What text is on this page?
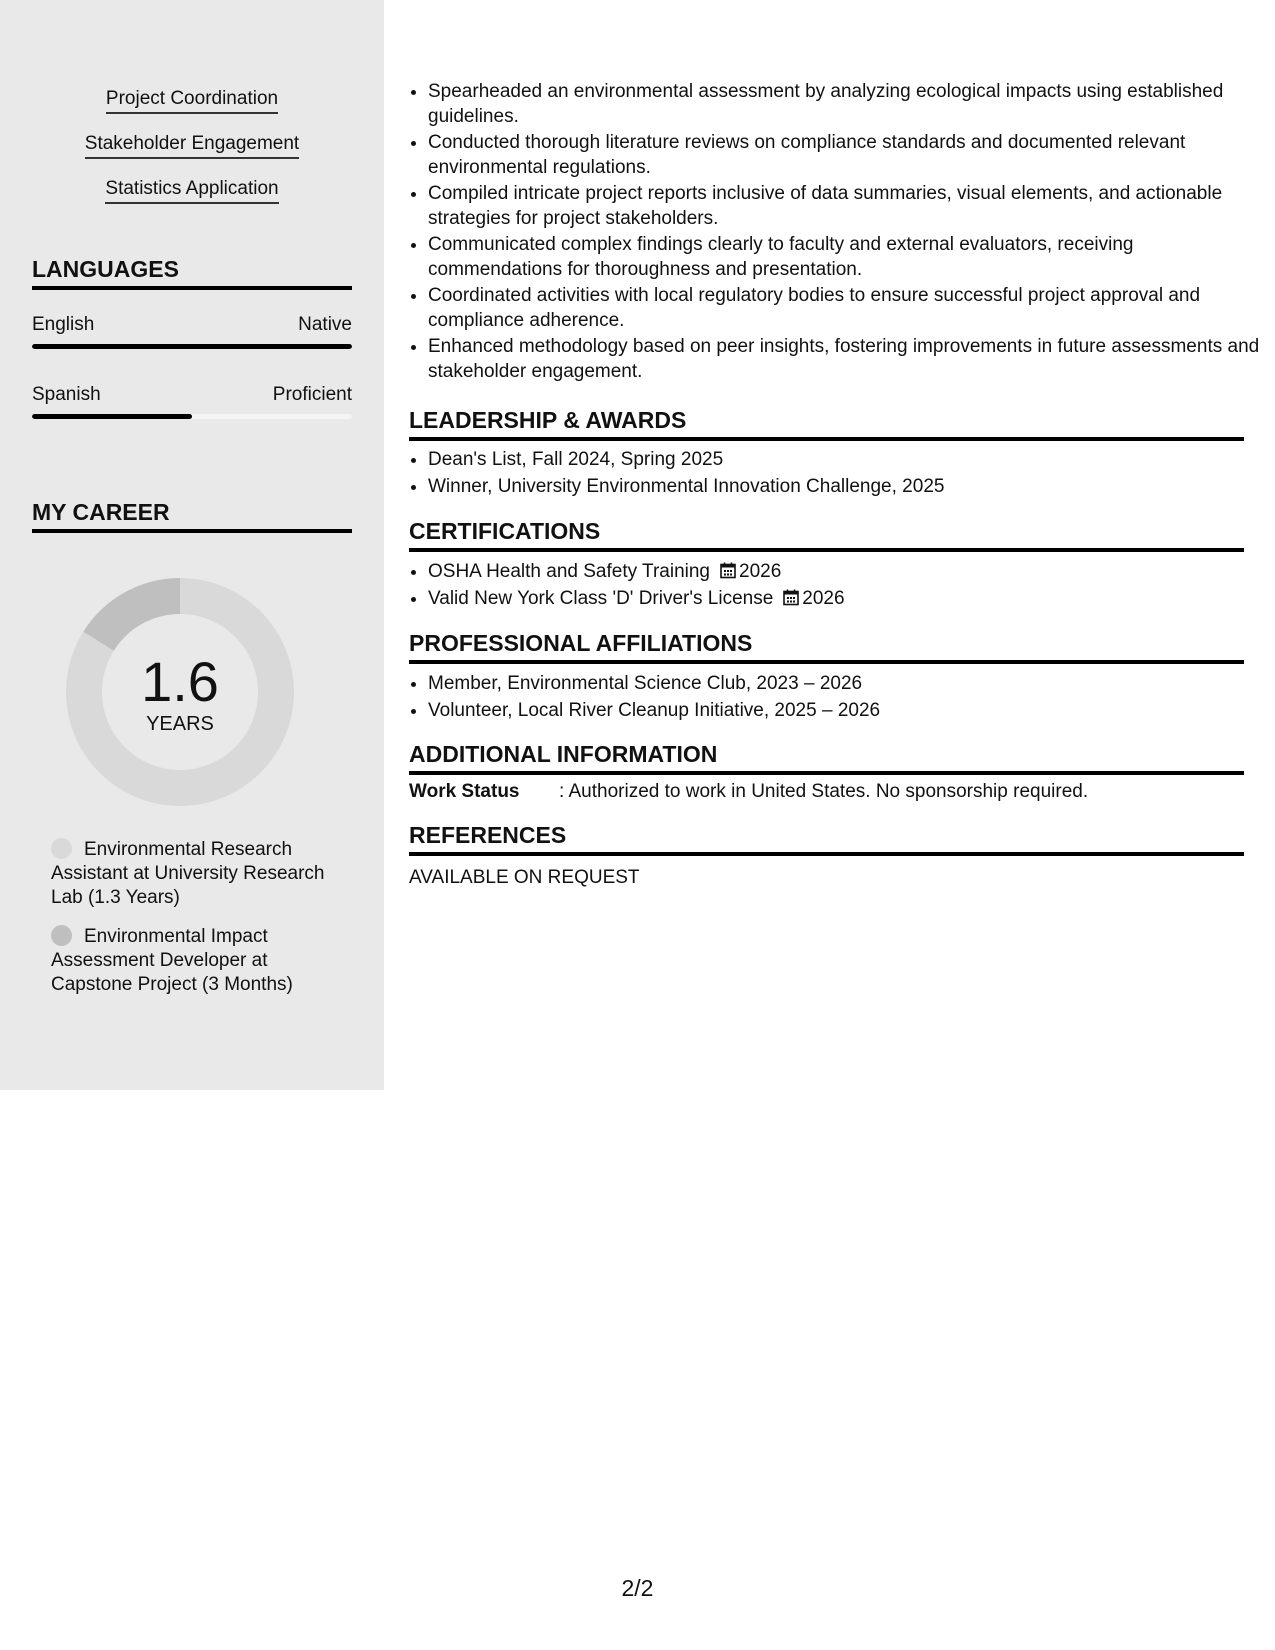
Project Coordination
Stakeholder Engagement
Statistics Application
LANGUAGES
English	Native
Spanish	Proficient
MY CAREER
1.6
YEARS
Environmental Research Assistant at University Research Lab (1.3 Years)
Environmental Impact Assessment Developer at Capstone Project (3 Months)
• Spearheaded an environmental assessment by analyzing ecological impacts using established guidelines.
• Conducted thorough literature reviews on compliance standards and documented relevant environmental regulations.
• Compiled intricate project reports inclusive of data summaries, visual elements, and actionable strategies for project stakeholders.
• Communicated complex findings clearly to faculty and external evaluators, receiving commendations for thoroughness and presentation.
• Coordinated activities with local regulatory bodies to ensure successful project approval and compliance adherence.
• Enhanced methodology based on peer insights, fostering improvements in future assessments and stakeholder engagement.
LEADERSHIP & AWARDS
• Dean's List, Fall 2024, Spring 2025
• Winner, University Environmental Innovation Challenge, 2025
CERTIFICATIONS
• OSHA Health and Safety Training 2026
• Valid New York Class 'D' Driver's License 2026
PROFESSIONAL AFFILIATIONS
• Member, Environmental Science Club, 2023 – 2026
• Volunteer, Local River Cleanup Initiative, 2025 – 2026
ADDITIONAL INFORMATION
Work Status : Authorized to work in United States. No sponsorship required.
REFERENCES
AVAILABLE ON REQUEST
2/2
